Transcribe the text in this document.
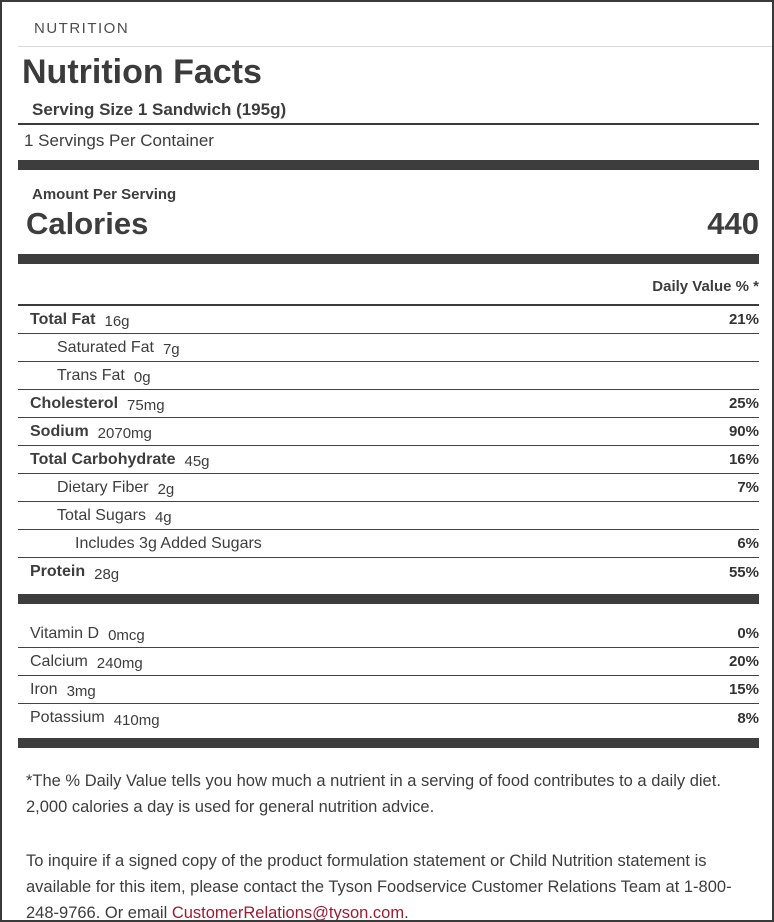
NUTRITION
Nutrition Facts
Serving Size 1 Sandwich (195g)
1 Servings Per Container
Amount Per Serving
Calories	440
Daily Value % *
Total Fat 16g	21%
Saturated Fat 7g
Trans Fat 0g
Cholesterol 75mg	25%
Sodium 2070mg	90%
Total Carbohydrate 45g	16%
Dietary Fiber 2g	7%
Total Sugars 4g
Includes 3g Added Sugars	6%
Protein 28g	55%
Vitamin D 0mcg	0%
Calcium 240mg	20%
Iron 3mg	15%
Potassium 410mg	8%
*The % Daily Value tells you how much a nutrient in a serving of food contributes to a daily diet. 2,000 calories a day is used for general nutrition advice.
To inquire if a signed copy of the product formulation statement or Child Nutrition statement is available for this item, please contact the Tyson Foodservice Customer Relations Team at 1-800-248-9766. Or email CustomerRelations@tyson.com.
